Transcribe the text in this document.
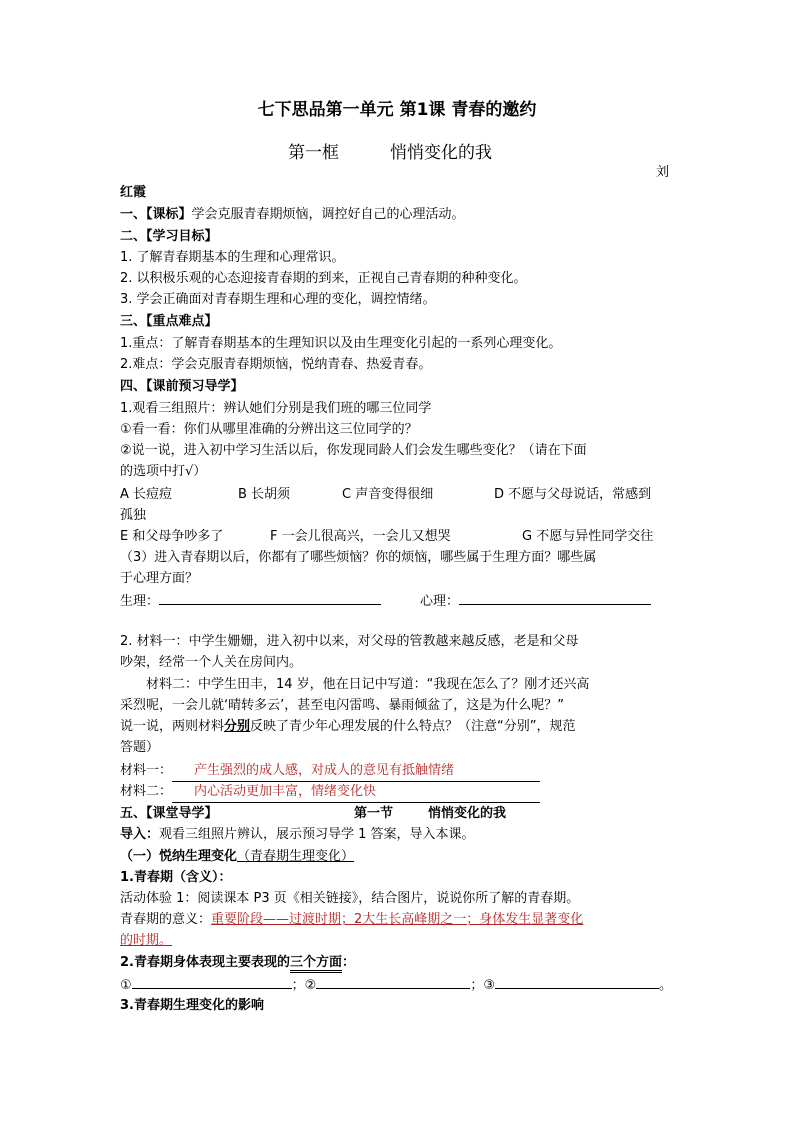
七下思品第一单元 第1课 青春的邀约
第一框	悄悄变化的我
刘
红霞
一、【课标】学会克服青春期烦恼，调控好自己的心理活动。
二、【学习目标】
1. 了解青春期基本的生理和心理常识。
2. 以积极乐观的心态迎接青春期的到来，正视自己青春期的种种变化。
3. 学会正确面对青春期生理和心理的变化，调控情绪。
三、【重点难点】
1.重点：了解青春期基本的生理知识以及由生理变化引起的一系列心理变化。
2.难点：学会克服青春期烦恼，悦纳青春、热爱青春。
四、【课前预习导学】
1.观看三组照片：辨认她们分别是我们班的哪三位同学
①看一看：你们从哪里准确的分辨出这三位同学的？
②说一说，进入初中学习生活以后，你发现同龄人们会发生哪些变化？（请在下面
的选项中打√）
A 长痘痘	B 长胡须	C 声音变得很细	D 不愿与父母说话，常感到
孤独
E 和父母争吵多了	F 一会儿很高兴，一会儿又想哭	G 不愿与异性同学交往
（3）进入青春期以后，你都有了哪些烦恼？你的烦恼，哪些属于生理方面？哪些属
于心理方面？
生理：	心理：
2. 材料一：中学生姗姗，进入初中以来，对父母的管教越来越反感，老是和父母
吵架，经常一个人关在房间内。
材料二：中学生田丰，14 岁，他在日记中写道：“我现在怎么了？刚才还兴高
采烈呢，一会儿就‘晴转多云’，甚至电闪雷鸣、暴雨倾盆了，这是为什么呢？”
说一说，两则材料分别反映了青少年心理发展的什么特点？（注意“分别”，规范
答题）
材料一： 产生强烈的成人感，对成人的意见有抵触情绪
材料二： 内心活动更加丰富，情绪变化快
五、【课堂导学】	第一节	悄悄变化的我
导入：观看三组照片辨认，展示预习导学 1 答案，导入本课。
（一）悦纳生理变化（青春期生理变化）
1.青春期（含义）：
活动体验 1：阅读课本 P3 页《相关链接》，结合图片，说说你所了解的青春期。
青春期的意义：重要阶段——过渡时期；2大生长高峰期之一；身体发生显著变化
的时期。
2.青春期身体表现主要表现的三个方面：
①	；②	；③	。
3.青春期生理变化的影响
